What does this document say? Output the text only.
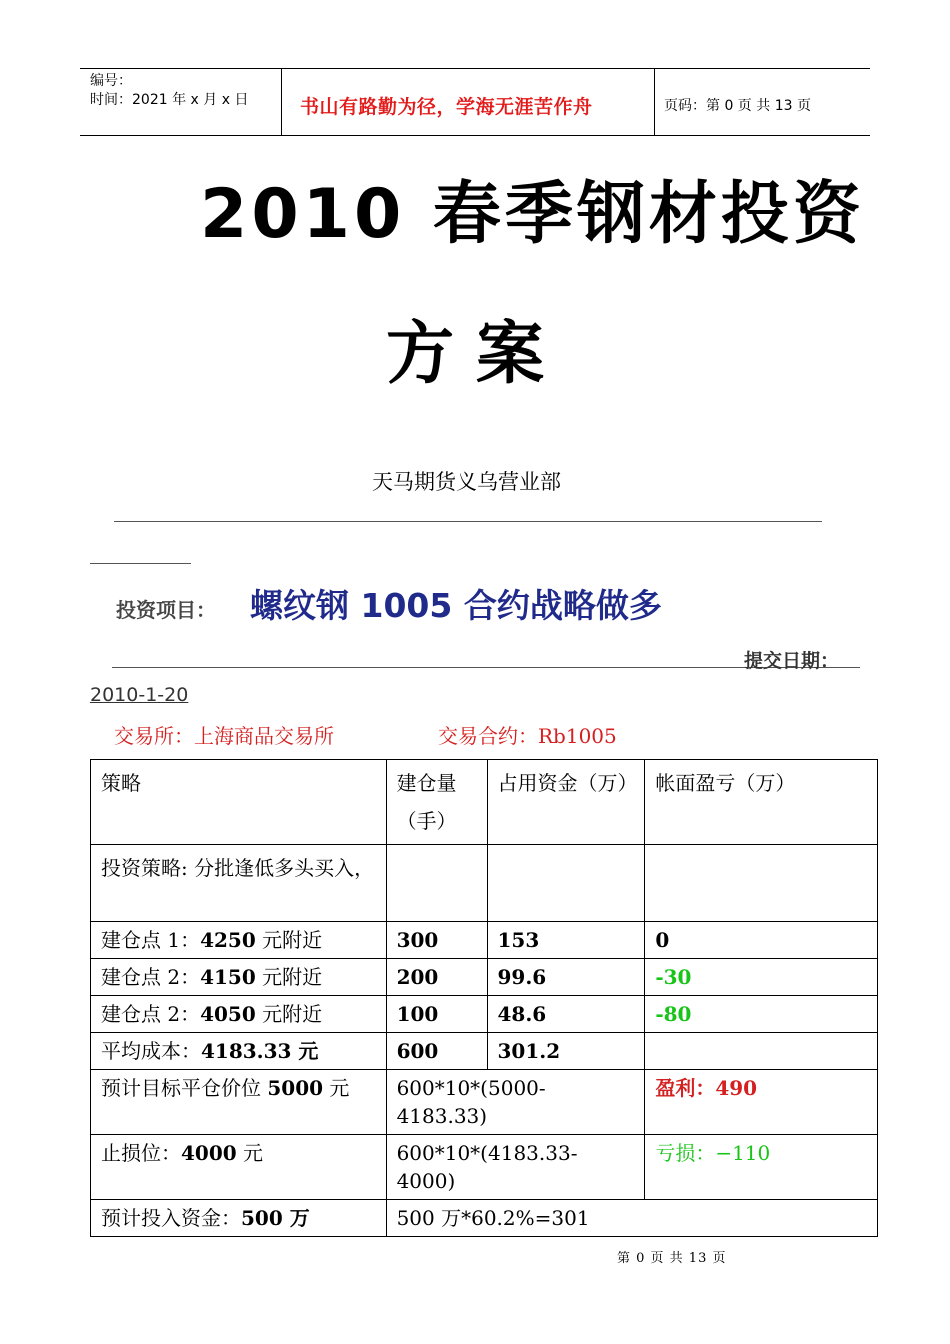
编号：
时间：2021 年 x 月 x 日	书山有路勤为径，学海无涯苦作舟	页码：第 0 页 共 13 页
2010 春季钢材投资
方案
天马期货义乌营业部
投资项目： 螺纹钢 1005 合约战略做多
提交日期：
2010-1-20
交易所：上海商品交易所	交易合约：Rb1005
策略	建仓量（手）	占用资金（万）	帐面盈亏（万）
投资策略: 分批逢低多头买入，			
建仓点 1：4250 元附近	300	153	0
建仓点 2：4150 元附近	200	99.6	-30
建仓点 2：4050 元附近	100	48.6	-80
平均成本：4183.33 元	600	301.2	
预计目标平仓价位 5000 元	600*10*(5000-4183.33)		盈利：490
止损位：4000 元	600*10*(4183.33-4000)		亏损：−110
预计投入资金：500 万	500 万*60.2%=301		
第 0 页 共 13 页
